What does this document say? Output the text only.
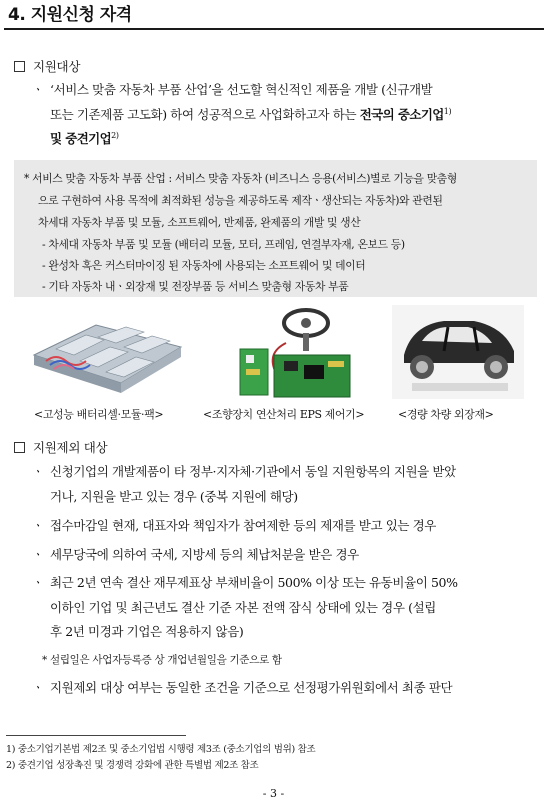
4. 지원신청 자격
지원대상
ㆍ ‘서비스 맞춤 자동차 부품 산업’을 선도할 혁신적인 제품을 개발 (신규개발
또는 기존제품 고도화) 하여 성공적으로 사업화하고자 하는 전국의 중소기업$^{1)}$
및 중견기업$^{2)}$
* 서비스 맞춤 자동차 부품 산업 : 서비스 맞춤 자동차 (비즈니스 응용(서비스)별로 기능을 맞춤형
으로 구현하여 사용 목적에 최적화된 성능을 제공하도록 제작ㆍ생산되는 자동차)와 관련된
차세대 자동차 부품 및 모듈, 소프트웨어, 반제품, 완제품의 개발 및 생산
- 차세대 자동차 부품 및 모듈 (배터리 모듈, 모터, 프레임, 연결부자재, 온보드 등)
- 완성차 혹은 커스터마이징 된 자동차에 사용되는 소프트웨어 및 데이터
- 기타 자동차 내ㆍ외장재 및 전장부품 등 서비스 맞춤형 자동차 부품
<고성능 배터리셀·모듈·팩>	<조향장치 연산처리 EPS 제어기>	<경량 차량 외장재>
지원제외 대상
ㆍ 신청기업의 개발제품이 타 정부·지자체·기관에서 동일 지원항목의 지원을 받았
거나, 지원을 받고 있는 경우 (중복 지원에 해당)
ㆍ 접수마감일 현재, 대표자와 책임자가 참여제한 등의 제재를 받고 있는 경우
ㆍ 세무당국에 의하여 국세, 지방세 등의 체납처분을 받은 경우
ㆍ 최근 2년 연속 결산 재무제표상 부채비율이 500% 이상 또는 유동비율이 50%
이하인 기업 및 최근년도 결산 기준 자본 전액 잠식 상태에 있는 경우 (설립
후 2년 미경과 기업은 적용하지 않음)
* 설립일은 사업자등록증 상 개업년월일을 기준으로 함
ㆍ 지원제외 대상 여부는 동일한 조건을 기준으로 선정평가위원회에서 최종 판단
1) 중소기업기본법 제2조 및 중소기업법 시행령 제3조 (중소기업의 범위) 참조
2) 중견기업 성장촉진 및 경쟁력 강화에 관한 특별법 제2조 참조
- 3 -
